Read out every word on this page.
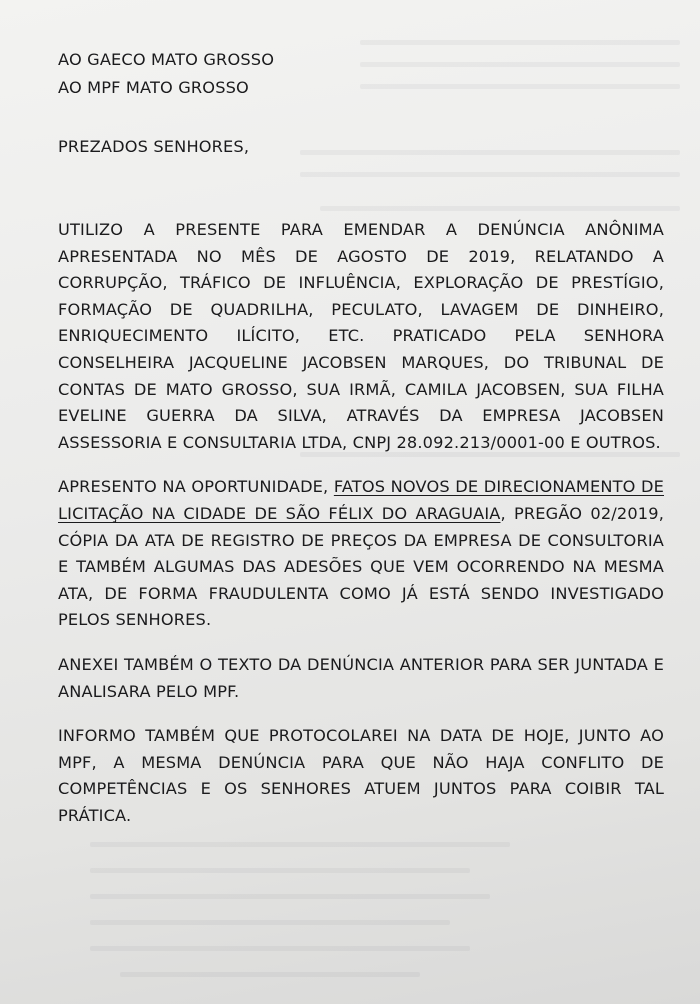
AO GAECO MATO GROSSO

AO MPF MATO GROSSO

PREZADOS SENHORES,

UTILIZO A PRESENTE PARA EMENDAR A DENÚNCIA ANÔNIMA APRESENTADA NO MÊS DE AGOSTO DE 2019, RELATANDO A CORRUPÇÃO, TRÁFICO DE INFLUÊNCIA, EXPLORAÇÃO DE PRESTÍGIO, FORMAÇÃO DE QUADRILHA, PECULATO, LAVAGEM DE DINHEIRO, ENRIQUECIMENTO ILÍCITO, ETC. PRATICADO PELA SENHORA CONSELHEIRA JACQUELINE JACOBSEN MARQUES, DO TRIBUNAL DE CONTAS DE MATO GROSSO, SUA IRMÃ, CAMILA JACOBSEN, SUA FILHA EVELINE GUERRA DA SILVA, ATRAVÉS DA EMPRESA JACOBSEN ASSESSORIA E CONSULTARIA LTDA, CNPJ 28.092.213/0001-00 E OUTROS.

APRESENTO NA OPORTUNIDADE, FATOS NOVOS DE DIRECIONAMENTO DE LICITAÇÃO NA CIDADE DE SÃO FÉLIX DO ARAGUAIA, PREGÃO 02/2019, CÓPIA DA ATA DE REGISTRO DE PREÇOS DA EMPRESA DE CONSULTORIA E TAMBÉM ALGUMAS DAS ADESÕES QUE VEM OCORRENDO NA MESMA ATA, DE FORMA FRAUDULENTA COMO JÁ ESTÁ SENDO INVESTIGADO PELOS SENHORES.

ANEXEI TAMBÉM O TEXTO DA DENÚNCIA ANTERIOR PARA SER JUNTADA E ANALISARA PELO MPF.

INFORMO TAMBÉM QUE PROTOCOLAREI NA DATA DE HOJE, JUNTO AO MPF, A MESMA DENÚNCIA PARA QUE NÃO HAJA CONFLITO DE COMPETÊNCIAS E OS SENHORES ATUEM JUNTOS PARA COIBIR TAL PRÁTICA.
